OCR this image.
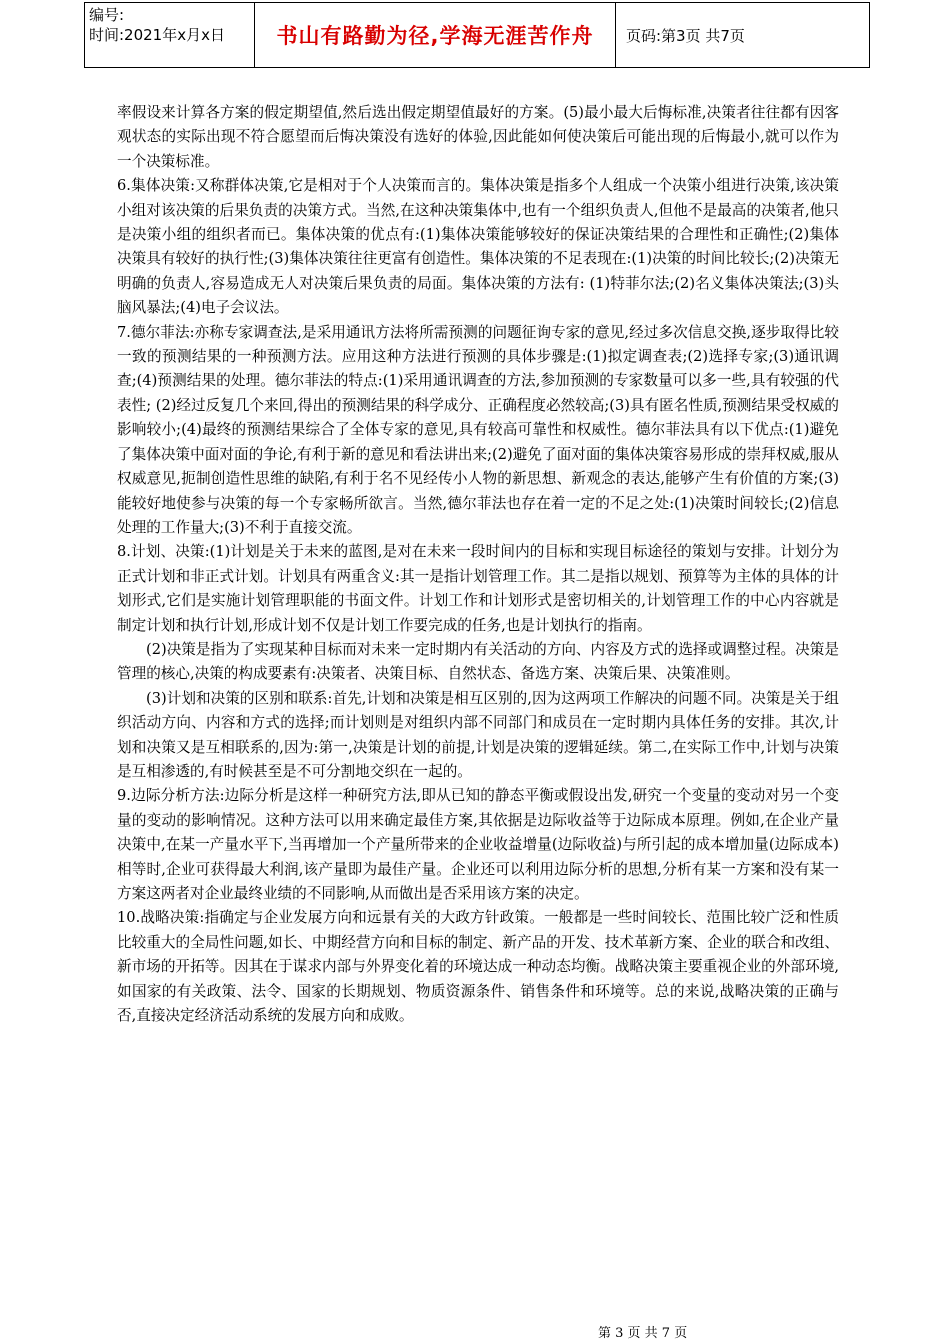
编号:
时间:2021年x月x日	书山有路勤为径,学海无涯苦作舟	页码:第3页 共7页

率假设来计算各方案的假定期望值,然后选出假定期望值最好的方案。(5)最小最大后悔标准,决策者往往都有因客观状态的实际出现不符合愿望而后悔决策没有选好的体验,因此能如何使决策后可能出现的后悔最小,就可以作为一个决策标准。

6.集体决策:又称群体决策,它是相对于个人决策而言的。集体决策是指多个人组成一个决策小组进行决策,该决策小组对该决策的后果负责的决策方式。当然,在这种决策集体中,也有一个组织负责人,但他不是最高的决策者,他只是决策小组的组织者而已。集体决策的优点有:(1)集体决策能够较好的保证决策结果的合理性和正确性;(2)集体决策具有较好的执行性;(3)集体决策往往更富有创造性。集体决策的不足表现在:(1)决策的时间比较长;(2)决策无明确的负责人,容易造成无人对决策后果负责的局面。集体决策的方法有: (1)特菲尔法;(2)名义集体决策法;(3)头脑风暴法;(4)电子会议法。

7.德尔菲法:亦称专家调查法,是采用通讯方法将所需预测的问题征询专家的意见,经过多次信息交换,逐步取得比较一致的预测结果的一种预测方法。应用这种方法进行预测的具体步骤是:(1)拟定调查表;(2)选择专家;(3)通讯调查;(4)预测结果的处理。德尔菲法的特点:(1)采用通讯调查的方法,参加预测的专家数量可以多一些,具有较强的代表性; (2)经过反复几个来回,得出的预测结果的科学成分、正确程度必然较高;(3)具有匿名性质,预测结果受权威的影响较小;(4)最终的预测结果综合了全体专家的意见,具有较高可靠性和权威性。德尔菲法具有以下优点:(1)避免了集体决策中面对面的争论,有利于新的意见和看法讲出来;(2)避免了面对面的集体决策容易形成的崇拜权威,服从权威意见,扼制创造性思维的缺陷,有利于名不见经传小人物的新思想、新观念的表达,能够产生有价值的方案;(3)能较好地使参与决策的每一个专家畅所欲言。当然,德尔菲法也存在着一定的不足之处:(1)决策时间较长;(2)信息处理的工作量大;(3)不利于直接交流。

8.计划、决策:(1)计划是关于未来的蓝图,是对在未来一段时间内的目标和实现目标途径的策划与安排。计划分为正式计划和非正式计划。计划具有两重含义:其一是指计划管理工作。其二是指以规划、预算等为主体的具体的计划形式,它们是实施计划管理职能的书面文件。计划工作和计划形式是密切相关的,计划管理工作的中心内容就是制定计划和执行计划,形成计划不仅是计划工作要完成的任务,也是计划执行的指南。

(2)决策是指为了实现某种目标而对未来一定时期内有关活动的方向、内容及方式的选择或调整过程。决策是管理的核心,决策的构成要素有:决策者、决策目标、自然状态、备选方案、决策后果、决策准则。

(3)计划和决策的区别和联系:首先,计划和决策是相互区别的,因为这两项工作解决的问题不同。决策是关于组织活动方向、内容和方式的选择;而计划则是对组织内部不同部门和成员在一定时期内具体任务的安排。其次,计划和决策又是互相联系的,因为:第一,决策是计划的前提,计划是决策的逻辑延续。第二,在实际工作中,计划与决策是互相渗透的,有时候甚至是不可分割地交织在一起的。

9.边际分析方法:边际分析是这样一种研究方法,即从已知的静态平衡或假设出发,研究一个变量的变动对另一个变量的变动的影响情况。这种方法可以用来确定最佳方案,其依据是边际收益等于边际成本原理。例如,在企业产量决策中,在某一产量水平下,当再增加一个产量所带来的企业收益增量(边际收益)与所引起的成本增加量(边际成本)相等时,企业可获得最大利润,该产量即为最佳产量。企业还可以利用边际分析的思想,分析有某一方案和没有某一方案这两者对企业最终业绩的不同影响,从而做出是否采用该方案的决定。

10.战略决策:指确定与企业发展方向和远景有关的大政方针政策。一般都是一些时间较长、范围比较广泛和性质比较重大的全局性问题,如长、中期经营方向和目标的制定、新产品的开发、技术革新方案、企业的联合和改组、新市场的开拓等。因其在于谋求内部与外界变化着的环境达成一种动态均衡。战略决策主要重视企业的外部环境,如国家的有关政策、法令、国家的长期规划、物质资源条件、销售条件和环境等。总的来说,战略决策的正确与否,直接决定经济活动系统的发展方向和成败。

第 3 页 共 7 页
